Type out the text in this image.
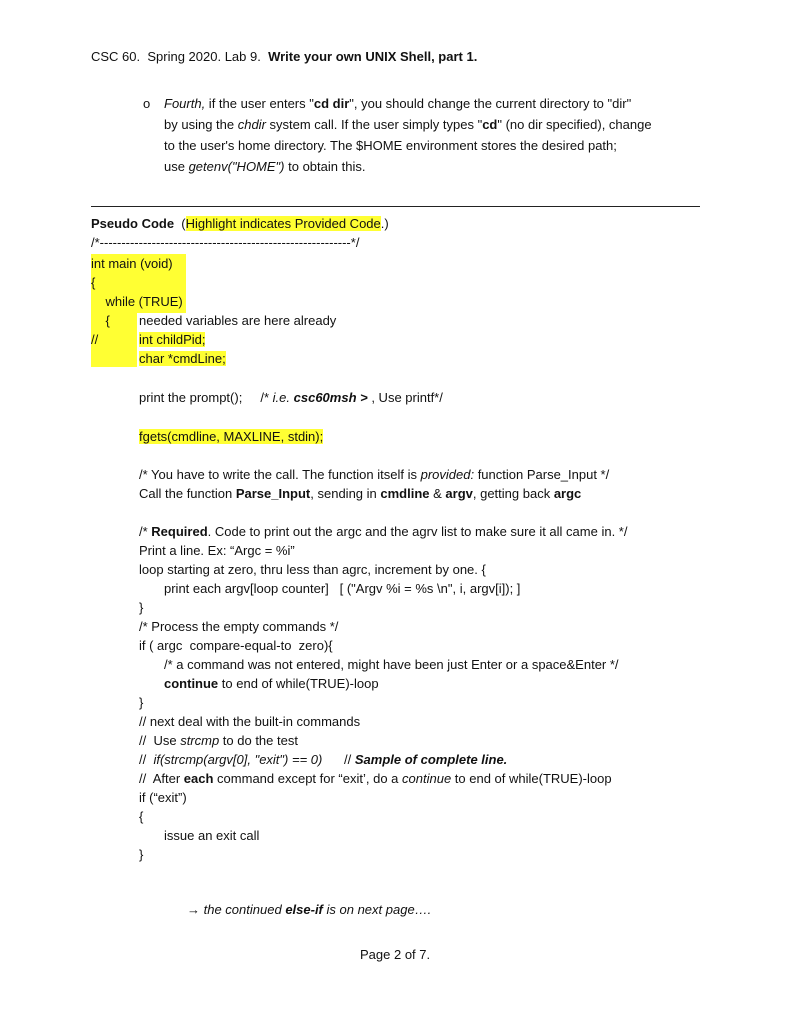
CSC 60.  Spring 2020. Lab 9.  Write your own UNIX Shell, part 1.
o Fourth, if the user enters "cd dir", you should change the current directory to "dir"
by using the chdir system call. If the user simply types "cd" (no dir specified), change
to the user's home directory. The $HOME environment stores the desired path;
use getenv("HOME") to obtain this.
Pseudo Code  (Highlight indicates Provided Code.)
/*----------------------------------------------------------*/
int main (void)
{
while (TRUE)
{ needed variables are here already
//	int childPid;
char *cmdLine;
print the prompt();     /* i.e. csc60msh > , Use printf*/
fgets(cmdline, MAXLINE, stdin);
/* You have to write the call. The function itself is provided: function Parse_Input */
Call the function Parse_Input, sending in cmdline & argv, getting back argc
/* Required. Code to print out the argc and the agrv list to make sure it all came in. */
Print a line. Ex: “Argc = %i”
loop starting at zero, thru less than agrc, increment by one. {
print each argv[loop counter]   [ ("Argv %i = %s \n", i, argv[i]); ]
}
/* Process the empty commands */
if ( argc  compare-equal-to  zero){
/* a command was not entered, might have been just Enter or a space&Enter */
continue to end of while(TRUE)-loop
}
// next deal with the built-in commands
//  Use strcmp to do the test
//  if(strcmp(argv[0], "exit") == 0)      // Sample of complete line.
//  After each command except for “exit’, do a continue to end of while(TRUE)-loop
if (“exit”)
{
issue an exit call
}
→ the continued else-if is on next page….
Page 2 of 7.
